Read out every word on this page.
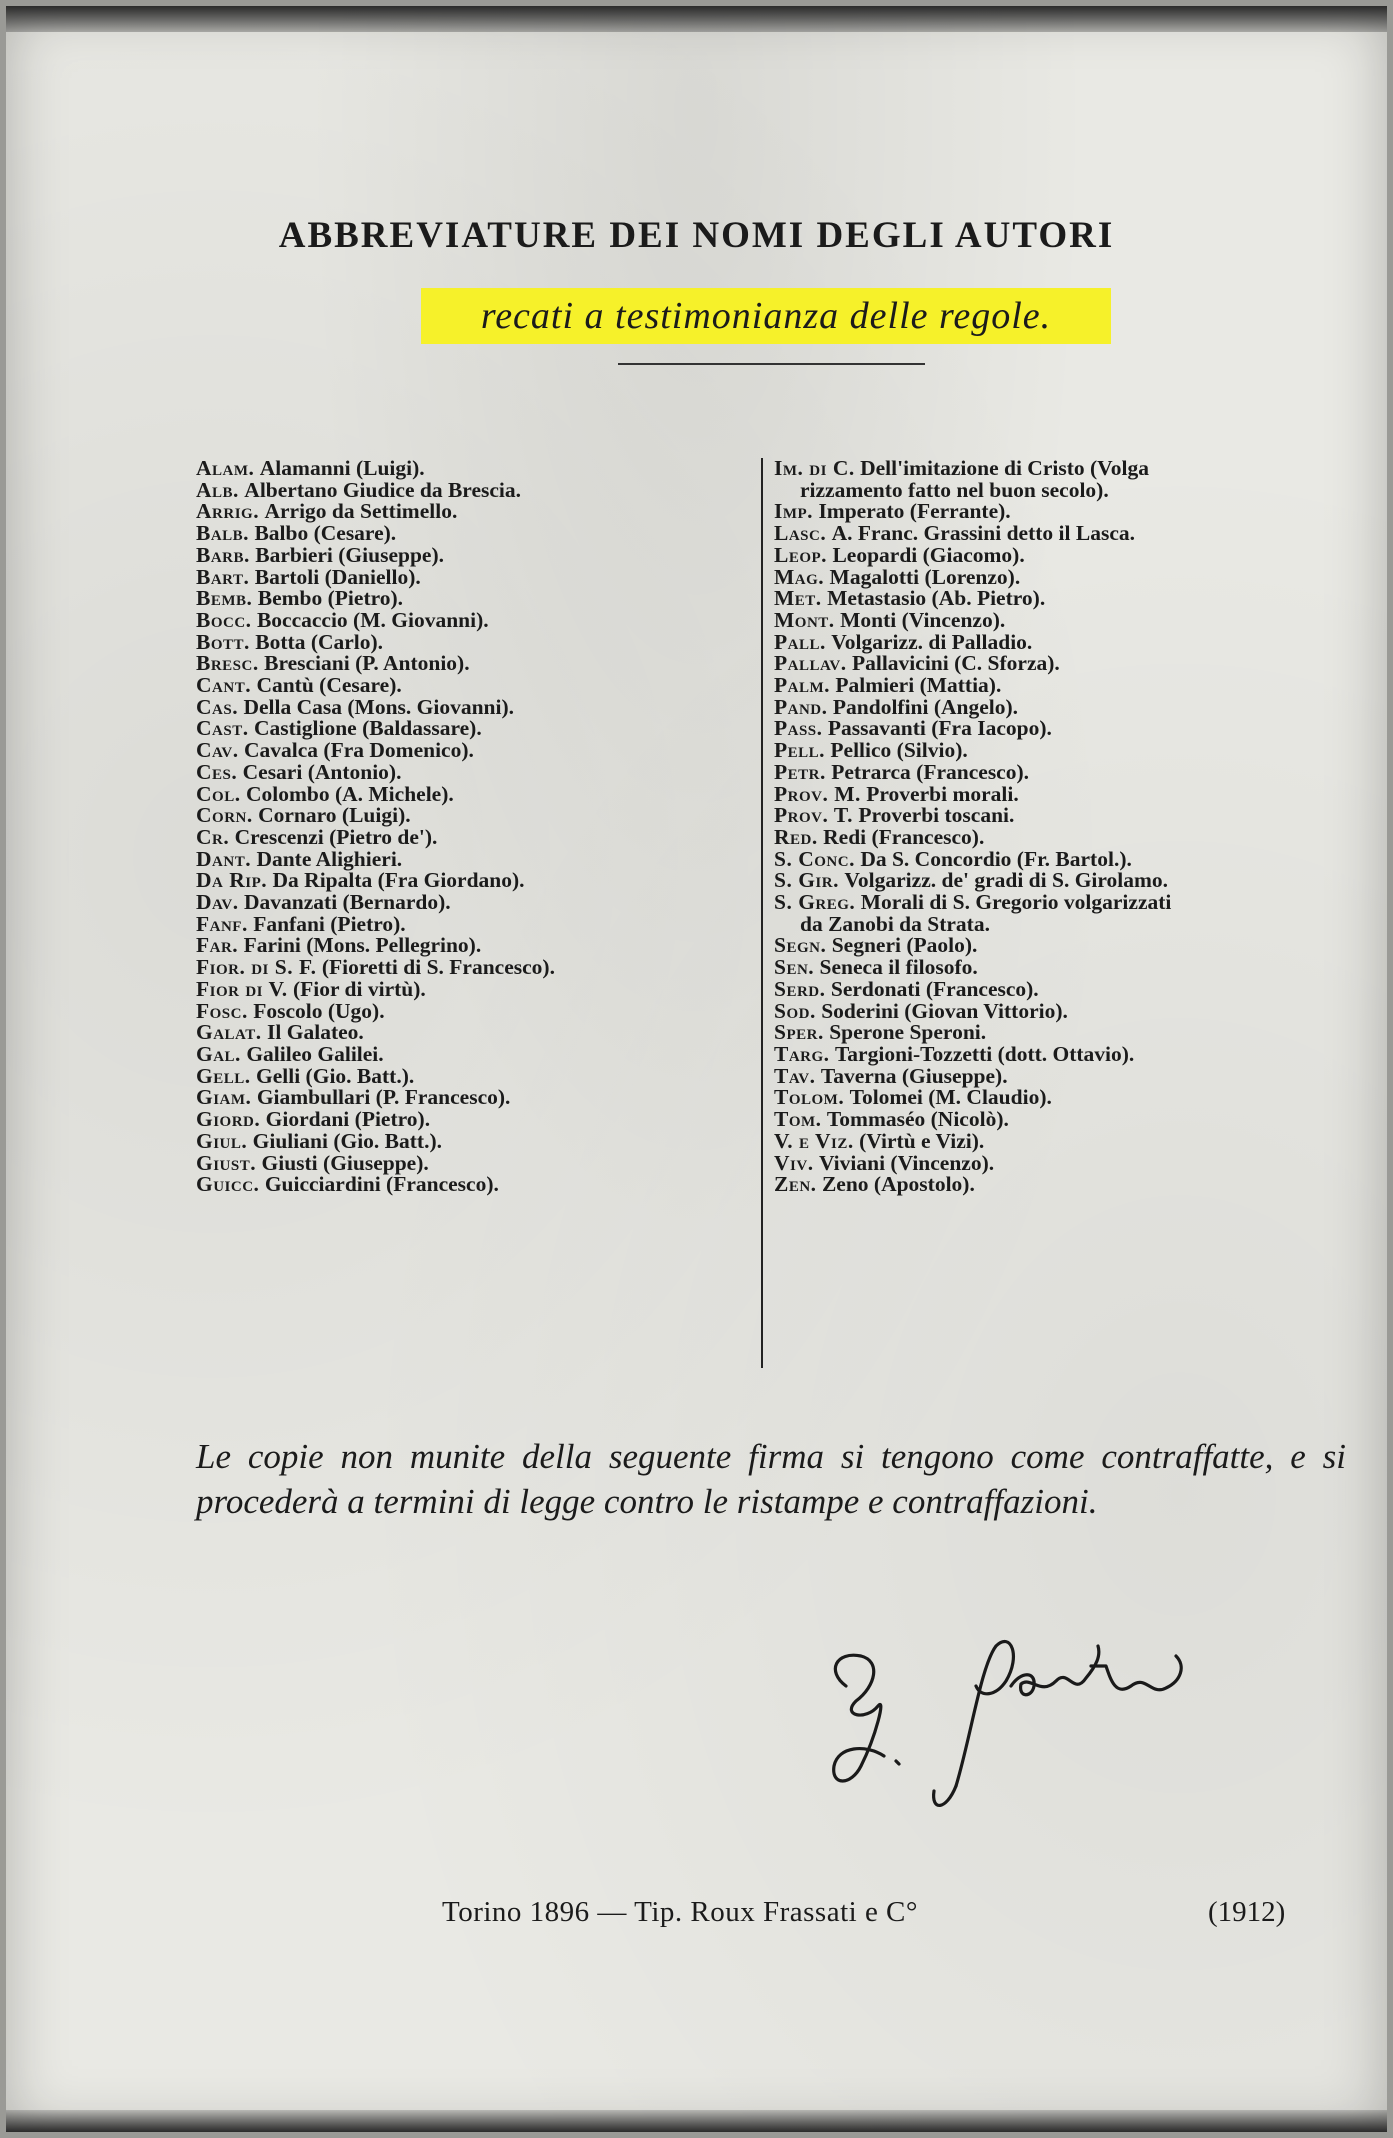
ABBREVIATURE DEI NOMI DEGLI AUTORI

recati a testimonianza delle regole.

Alam. Alamanni (Luigi).
Alb. Albertano Giudice da Brescia.
Arrig. Arrigo da Settimello.
Balb. Balbo (Cesare).
Barb. Barbieri (Giuseppe).
Bart. Bartoli (Daniello).
Bemb. Bembo (Pietro).
Bocc. Boccaccio (M. Giovanni).
Bott. Botta (Carlo).
Bresc. Bresciani (P. Antonio).
Cant. Cantù (Cesare).
Cas. Della Casa (Mons. Giovanni).
Cast. Castiglione (Baldassare).
Cav. Cavalca (Fra Domenico).
Ces. Cesari (Antonio).
Col. Colombo (A. Michele).
Corn. Cornaro (Luigi).
Cr. Crescenzi (Pietro de').
Dant. Dante Alighieri.
Da Rip. Da Ripalta (Fra Giordano).
Dav. Davanzati (Bernardo).
Fanf. Fanfani (Pietro).
Far. Farini (Mons. Pellegrino).
Fior. di S. F. (Fioretti di S. Francesco).
Fior di V. (Fior di virtù).
Fosc. Foscolo (Ugo).
Galat. Il Galateo.
Gal. Galileo Galilei.
Gell. Gelli (Gio. Batt.).
Giam. Giambullari (P. Francesco).
Giord. Giordani (Pietro).
Giul. Giuliani (Gio. Batt.).
Giust. Giusti (Giuseppe).
Guicc. Guicciardini (Francesco).
Im. di C. Dell'imitazione di Cristo (Volga
rizzamento fatto nel buon secolo).
Imp. Imperato (Ferrante).
Lasc. A. Franc. Grassini detto il Lasca.
Leop. Leopardi (Giacomo).
Mag. Magalotti (Lorenzo).
Met. Metastasio (Ab. Pietro).
Mont. Monti (Vincenzo).
Pall. Volgarizz. di Palladio.
Pallav. Pallavicini (C. Sforza).
Palm. Palmieri (Mattia).
Pand. Pandolfini (Angelo).
Pass. Passavanti (Fra Iacopo).
Pell. Pellico (Silvio).
Petr. Petrarca (Francesco).
Prov. M. Proverbi morali.
Prov. T. Proverbi toscani.
Red. Redi (Francesco).
S. Conc. Da S. Concordio (Fr. Bartol.).
S. Gir. Volgarizz. de' gradi di S. Girolamo.
S. Greg. Morali di S. Gregorio volgarizzati
da Zanobi da Strata.
Segn. Segneri (Paolo).
Sen. Seneca il filosofo.
Serd. Serdonati (Francesco).
Sod. Soderini (Giovan Vittorio).
Sper. Sperone Speroni.
Targ. Targioni-Tozzetti (dott. Ottavio).
Tav. Taverna (Giuseppe).
Tolom. Tolomei (M. Claudio).
Tom. Tommaséo (Nicolò).
V. e Viz. (Virtù e Vizi).
Viv. Viviani (Vincenzo).
Zen. Zeno (Apostolo).

Le copie non munite della seguente firma si tengono come contraffatte, e si procederà a termini di legge contro le ristampe e contraffazioni.

Torino 1896 — Tip. Roux Frassati e C°	(1912)
